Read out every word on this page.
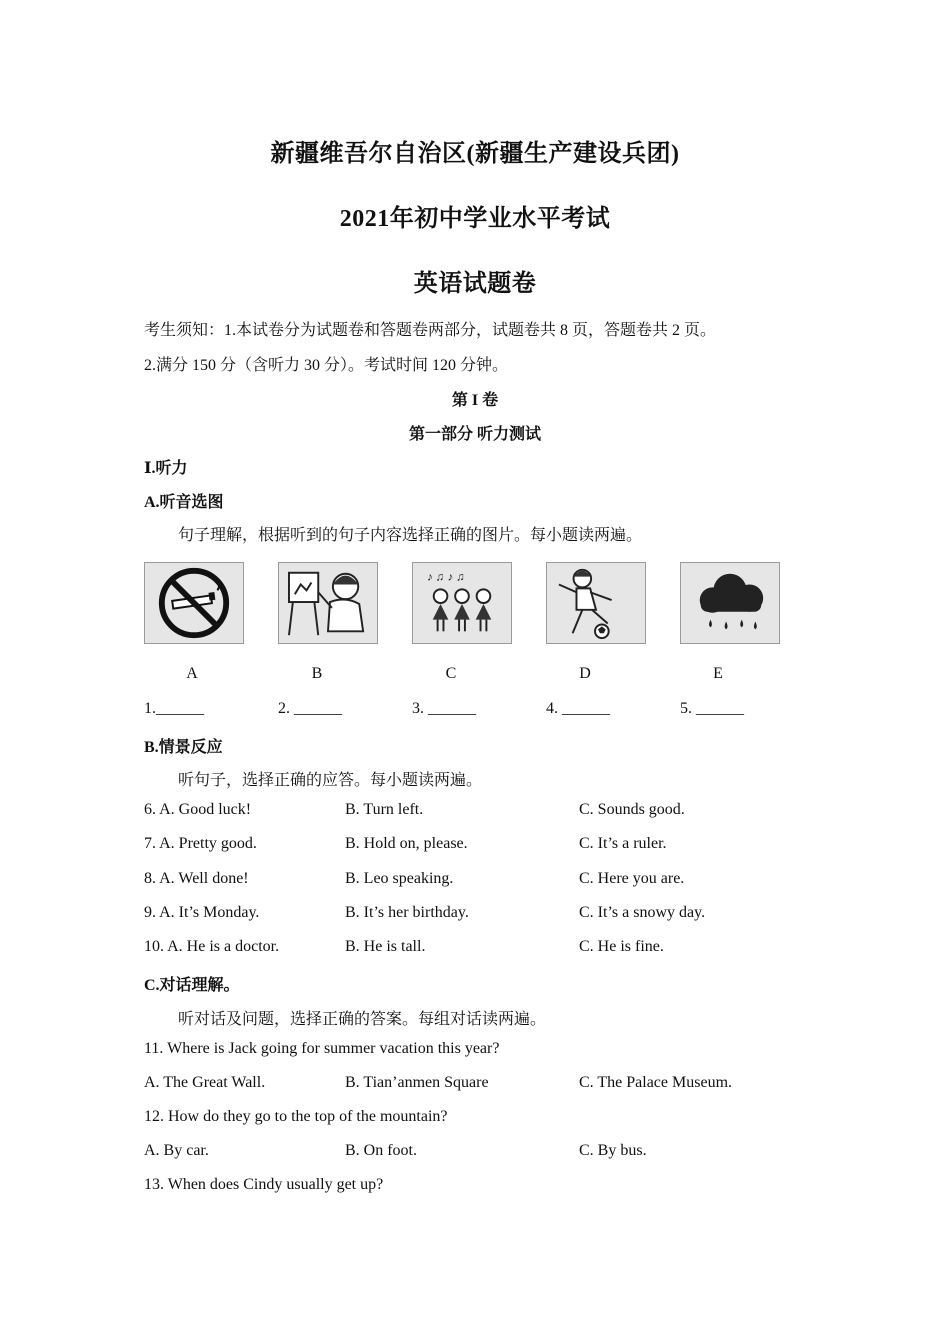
新疆维吾尔自治区(新疆生产建设兵团)
2021年初中学业水平考试
英语试题卷
考生须知：1.本试卷分为试题卷和答题卷两部分，试题卷共 8 页，答题卷共 2 页。
2.满分 150 分（含听力 30 分）。考试时间 120 分钟。
第 I 卷
第一部分 听力测试
Ⅰ.听力
A.听音选图
句子理解，根据听到的句子内容选择正确的图片。每小题读两遍。
♪ ♫ ♪ ♫
A	B	C	D	E
1.______	2. ______	3. ______	4. ______	5. ______
B.情景反应
听句子，选择正确的应答。每小题读两遍。
6. A. Good luck!	B. Turn left.	C. Sounds good.
7. A. Pretty good.	B. Hold on, please.	C. It’s a ruler.
8. A. Well done!	B. Leo speaking.	C. Here you are.
9. A. It’s Monday.	B. It’s her birthday.	C. It’s a snowy day.
10. A. He is a doctor.	B. He is tall.	C. He is fine.
C.对话理解。
听对话及问题，选择正确的答案。每组对话读两遍。
11. Where is Jack going for summer vacation this year?
A. The Great Wall.	B. Tian’anmen Square	C. The Palace Museum.
12. How do they go to the top of the mountain?
A. By car.	B. On foot.	C. By bus.
13. When does Cindy usually get up?
